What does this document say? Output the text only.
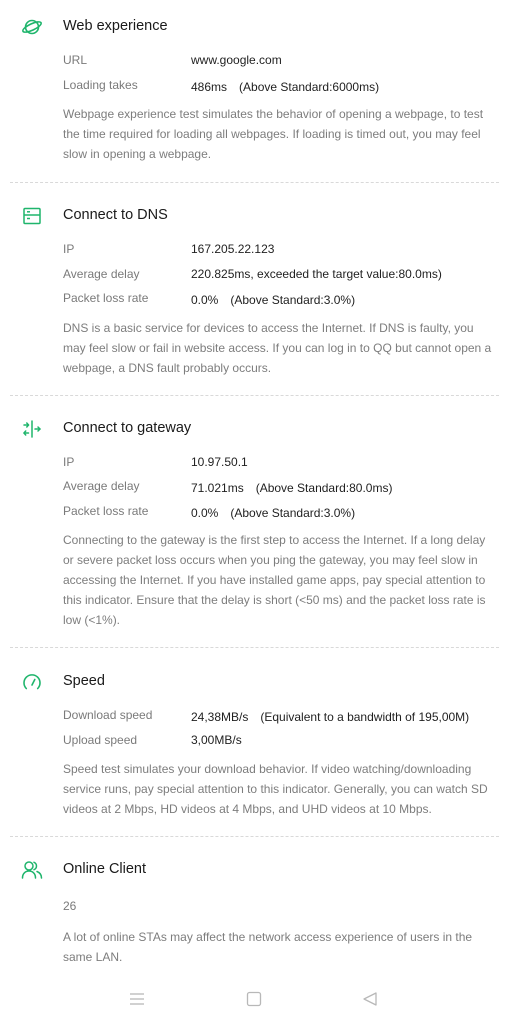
Web experience
URL	www.google.com
Loading takes	486ms　(Above Standard:6000ms)
Webpage experience test simulates the behavior of opening a webpage, to test the time required for loading all webpages. If loading is timed out, you may feel slow in opening a webpage.
Connect to DNS
IP	167.205.22.123
Average delay	220.825ms, exceeded the target value:80.0ms)
Packet loss rate	0.0%　(Above Standard:3.0%)
DNS is a basic service for devices to access the Internet. If DNS is faulty, you may feel slow or fail in website access. If you can log in to QQ but cannot open a webpage, a DNS fault probably occurs.
Connect to gateway
IP	10.97.50.1
Average delay	71.021ms　(Above Standard:80.0ms)
Packet loss rate	0.0%　(Above Standard:3.0%)
Connecting to the gateway is the first step to access the Internet. If a long delay or severe packet loss occurs when you ping the gateway, you may feel slow in accessing the Internet. If you have installed game apps, pay special attention to this indicator. Ensure that the delay is short (<50 ms) and the packet loss rate is low (<1%).
Speed
Download speed	24,38MB/s　(Equivalent to a bandwidth of 195,00M)
Upload speed	3,00MB/s
Speed test simulates your download behavior. If video watching/downloading service runs, pay special attention to this indicator. Generally, you can watch SD videos at 2 Mbps, HD videos at 4 Mbps, and UHD videos at 10 Mbps.
Online Client
26
A lot of online STAs may affect the network access experience of users in the same LAN.
